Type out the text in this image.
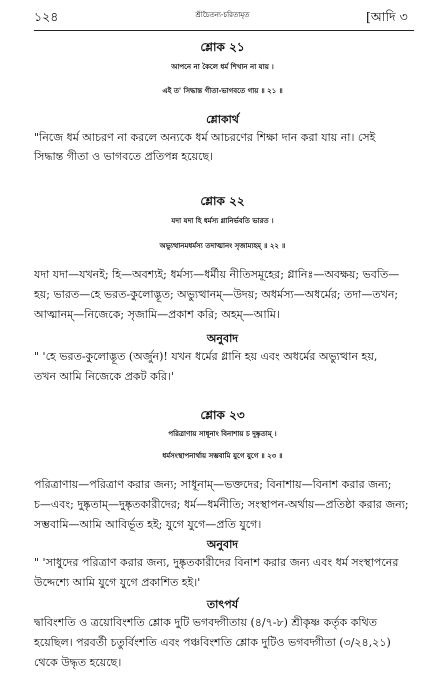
১২৪	শ্রীচৈতন্য-চরিতামৃত	[আদি ৩
শ্লোক ২১
আপনে না কৈলে ধর্ম শিখান না যায় ।
এই ত' সিদ্ধান্ত গীতা-ভাগবতে গায় ॥ ২১ ॥
শ্লোকার্থ
"নিজে ধর্ম আচরণ না করলে অন্যকে ধর্ম আচরণের শিক্ষা দান করা যায় না। সেই
সিদ্ধান্ত গীতা ও ভাগবতে প্রতিপন্ন হয়েছে।
শ্লোক ২২
যদা যদা হি ধর্মস্য গ্লানির্ভবতি ভারত ।
অভ্যুত্থানমধর্মস্য তদাত্মানং সৃজাম্যহম্‌ ॥ ২২ ॥
যদা যদা—যখনই; হি—অবশ্যই; ধর্মস্য—ধর্মীয় নীতিসমূহের; গ্লানিঃ—অবক্ষয়; ভবতি—
হয়; ভারত—হে ভরত-কুলোদ্ভূত; অভ্যুত্থানম্‌—উদয়; অধর্মস্য—অধর্মের; তদা—তখন;
আত্মানম্‌—নিজেকে; সৃজামি—প্রকাশ করি; অহম্‌—আমি।
অনুবাদ
" 'হে ভরত-কুলোদ্ভূত (অর্জুন)! যখন ধর্মের গ্লানি হয় এবং অধর্মের অভ্যুত্থান হয়,
তখন আমি নিজেকে প্রকট করি।'
শ্লোক ২৩
পরিত্রাণায় সাধূনাং বিনাশায় চ দুষ্কৃতাম্‌ ।
ধর্মসংস্থাপনার্থায় সম্ভবামি যুগে যুগে ॥ ২৩ ॥
পরিত্রাণায়—পরিত্রাণ করার জন্য; সাধূনাম্‌—ভক্তদের; বিনাশায়—বিনাশ করার জন্য;
চ—এবং; দুষ্কৃতাম্‌—দুষ্কৃতকারীদের; ধর্ম—ধর্মনীতি; সংস্থাপন-অর্থায়—প্রতিষ্ঠা করার জন্য;
সম্ভবামি—আমি আবির্ভূত হই; যুগে যুগে—প্রতি যুগে।
অনুবাদ
" 'সাধুদের পরিত্রাণ করার জন্য, দুষ্কৃতকারীদের বিনাশ করার জন্য এবং ধর্ম সংস্থাপনের
উদ্দেশ্যে আমি যুগে যুগে প্রকাশিত হই।'
তাৎপর্য
দ্বাবিংশতি ও ত্রয়োবিংশতি শ্লোক দুটি ভগবদ্গীতায় (৪/৭-৮) শ্রীকৃষ্ণ কর্তৃক কথিত
হয়েছিল। পরবর্তী চতুর্বিংশতি এবং পঞ্চবিংশতি শ্লোক দুটিও ভগবদ্গীতা (৩/২৪,২১)
থেকে উদ্ধৃত হয়েছে।
